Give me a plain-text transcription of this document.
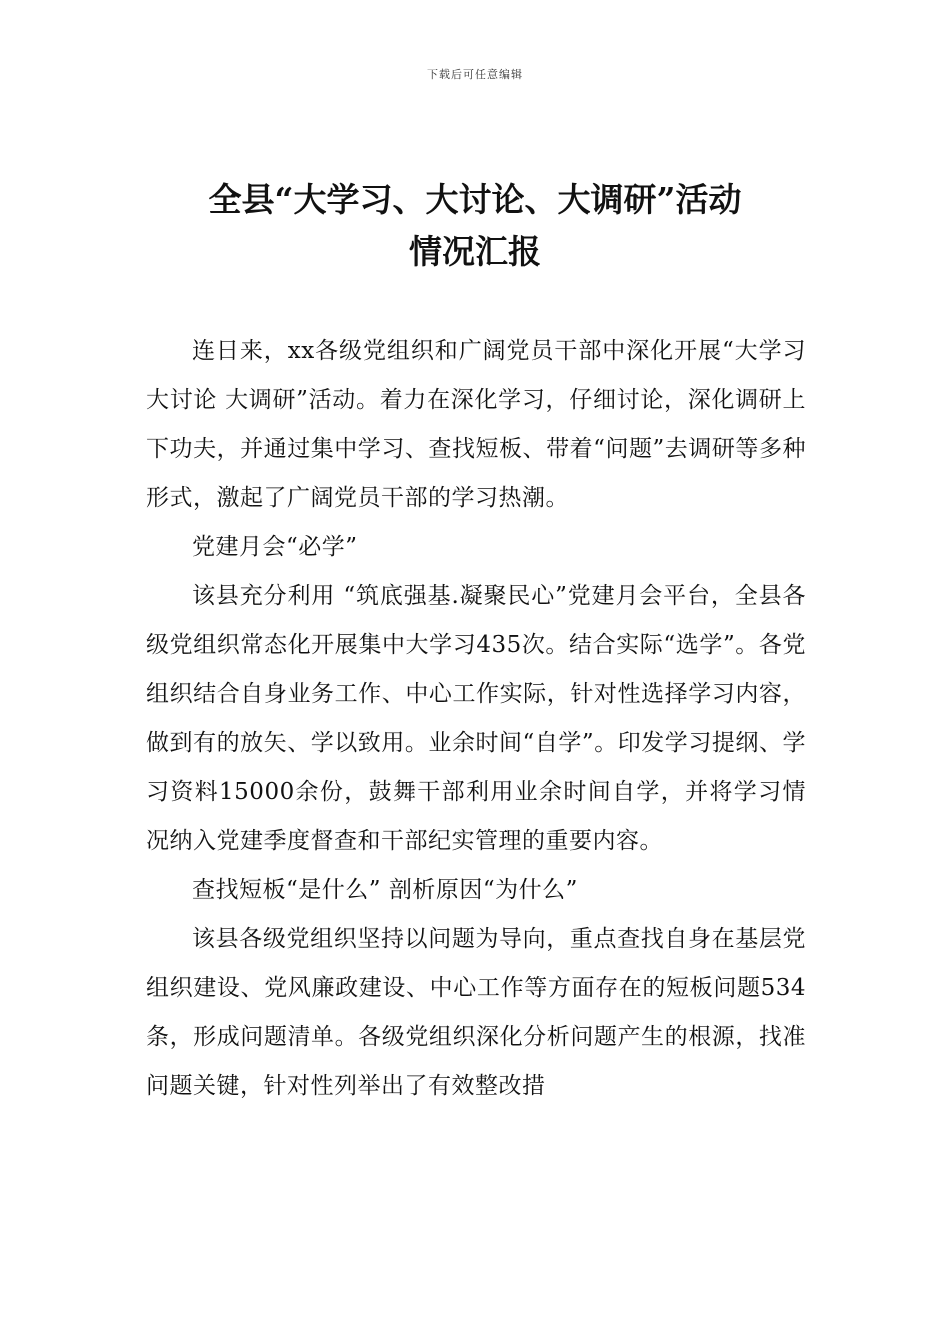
下载后可任意编辑
全县“大学习、大讨论、大调研”活动
情况汇报

连日来，xx各级党组织和广阔党员干部中深化开展“大学习 大讨论 大调研”活动。着力在深化学习，仔细讨论，深化调研上下功夫，并通过集中学习、查找短板、带着“问题”去调研等多种形式，激起了广阔党员干部的学习热潮。

党建月会“必学”

该县充分利用 “筑底强基.凝聚民心”党建月会平台，全县各级党组织常态化开展集中大学习435次。结合实际“选学”。各党组织结合自身业务工作、中心工作实际，针对性选择学习内容，做到有的放矢、学以致用。业余时间“自学”。印发学习提纲、学习资料15000余份，鼓舞干部利用业余时间自学，并将学习情况纳入党建季度督查和干部纪实管理的重要内容。

查找短板“是什么” 剖析原因“为什么”

该县各级党组织坚持以问题为导向，重点查找自身在基层党组织建设、党风廉政建设、中心工作等方面存在的短板问题534条，形成问题清单。各级党组织深化分析问题产生的根源，找准问题关键，针对性列举出了有效整改措
